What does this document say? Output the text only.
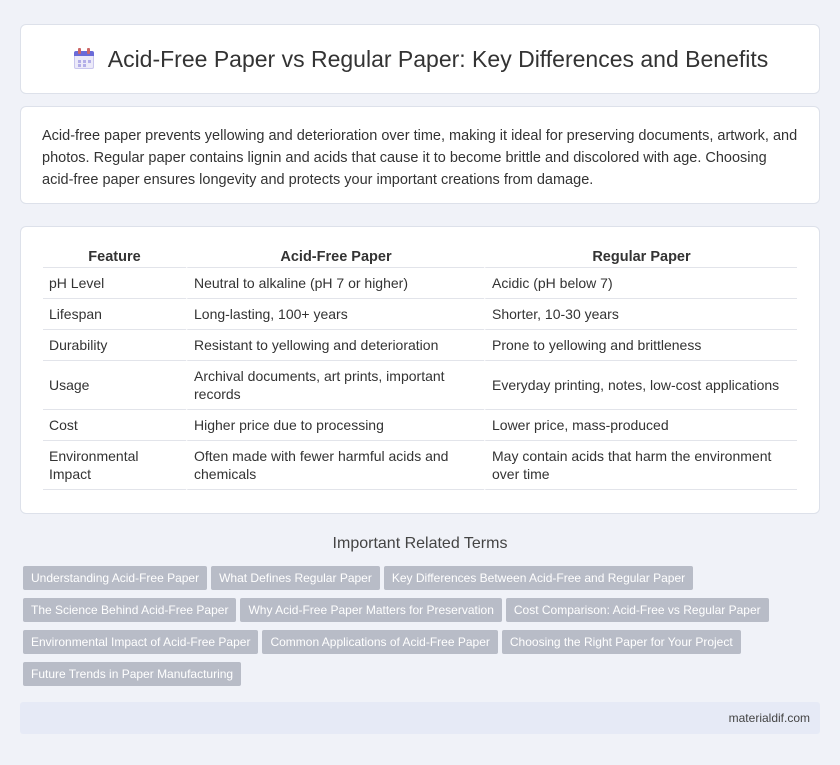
Acid-Free Paper vs Regular Paper: Key Differences and Benefits

Acid-free paper prevents yellowing and deterioration over time, making it ideal for preserving documents, artwork, and photos. Regular paper contains lignin and acids that cause it to become brittle and discolored with age. Choosing acid-free paper ensures longevity and protects your important creations from damage.

Feature	Acid-Free Paper	Regular Paper
pH Level	Neutral to alkaline (pH 7 or higher)	Acidic (pH below 7)
Lifespan	Long-lasting, 100+ years	Shorter, 10-30 years
Durability	Resistant to yellowing and deterioration	Prone to yellowing and brittleness
Usage	Archival documents, art prints, important records	Everyday printing, notes, low-cost applications
Cost	Higher price due to processing	Lower price, mass-produced
Environmental Impact	Often made with fewer harmful acids and chemicals	May contain acids that harm the environment over time
Important Related Terms
Understanding Acid-Free Paper What Defines Regular Paper Key Differences Between Acid-Free and Regular Paper
The Science Behind Acid-Free Paper Why Acid-Free Paper Matters for Preservation Cost Comparison: Acid-Free vs Regular Paper
Environmental Impact of Acid-Free Paper Common Applications of Acid-Free Paper Choosing the Right Paper for Your Project
Future Trends in Paper Manufacturing
materialdif.com
